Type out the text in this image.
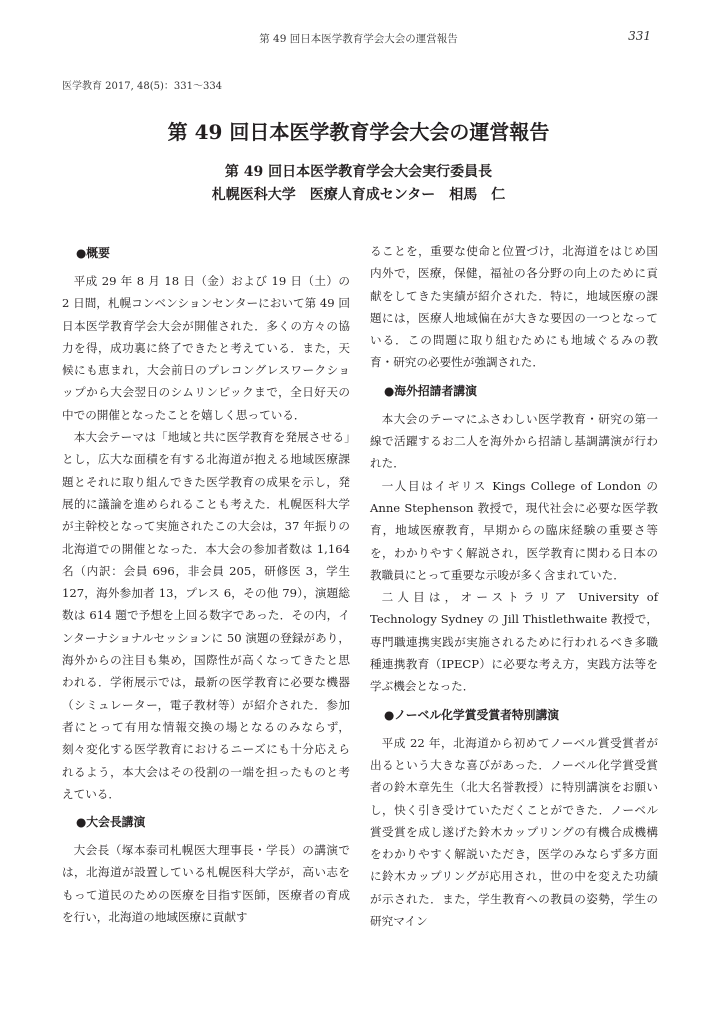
第 49 回日本医学教育学会大会の運営報告	331
医学教育 2017, 48(5)：331～334
第 49 回日本医学教育学会大会の運営報告
第 49 回日本医学教育学会大会実行委員長
札幌医科大学　医療人育成センター　相馬　仁
●概要

平成 29 年 8 月 18 日（金）および 19 日（土）の 2 日間，札幌コンベンションセンターにおいて第 49 回日本医学教育学会大会が開催された．多くの方々の協力を得，成功裏に終了できたと考えている．また，天候にも恵まれ，大会前日のプレコングレスワークショップから大会翌日のシムリンピックまで，全日好天の中での開催となったことを嬉しく思っている．

本大会テーマは「地域と共に医学教育を発展させる」とし，広大な面積を有する北海道が抱える地域医療課題とそれに取り組んできた医学教育の成果を示し，発展的に議論を進められることも考えた．札幌医科大学が主幹校となって実施されたこの大会は，37 年振りの北海道での開催となった．本大会の参加者数は 1,164 名（内訳：会員 696，非会員 205，研修医 3，学生 127，海外参加者 13，プレス 6，その他 79），演題総数は 614 題で予想を上回る数字であった．その内，インターナショナルセッションに 50 演題の登録があり，海外からの注目も集め，国際性が高くなってきたと思われる．学術展示では，最新の医学教育に必要な機器（シミュレーター，電子教材等）が紹介された．参加者にとって有用な情報交換の場となるのみならず，刻々変化する医学教育におけるニーズにも十分応えられるよう，本大会はその役割の一端を担ったものと考えている．

●大会長講演

大会長（塚本泰司札幌医大理事長・学長）の講演では，北海道が設置している札幌医科大学が，高い志をもって道民のための医療を目指す医師，医療者の育成を行い，北海道の地域医療に貢献す

ることを，重要な使命と位置づけ，北海道をはじめ国内外で，医療，保健，福祉の各分野の向上のために貢献をしてきた実績が紹介された．特に，地域医療の課題には，医療人地域偏在が大きな要因の一つとなっている．この問題に取り組むためにも地域ぐるみの教育・研究の必要性が強調された．

●海外招請者講演

本大会のテーマにふさわしい医学教育・研究の第一線で活躍するお二人を海外から招請し基調講演が行われた．

一人目はイギリス Kings College of London の Anne Stephenson 教授で，現代社会に必要な医学教育，地域医療教育，早期からの臨床経験の重要さ等を，わかりやすく解説され，医学教育に関わる日本の教職員にとって重要な示唆が多く含まれていた．

二人目は，オーストラリア University of Technology Sydney の Jill Thistlethwaite 教授で，専門職連携実践が実施されるために行われるべき多職種連携教育（IPECP）に必要な考え方，実践方法等を学ぶ機会となった．

●ノーベル化学賞受賞者特別講演

平成 22 年，北海道から初めてノーベル賞受賞者が出るという大きな喜びがあった．ノーベル化学賞受賞者の鈴木章先生（北大名誉教授）に特別講演をお願いし，快く引き受けていただくことができた．ノーベル賞受賞を成し遂げた鈴木カップリングの有機合成機構をわかりやすく解説いただき，医学のみならず多方面に鈴木カップリングが応用され，世の中を変えた功績が示された．また，学生教育への教員の姿勢，学生の研究マイン
